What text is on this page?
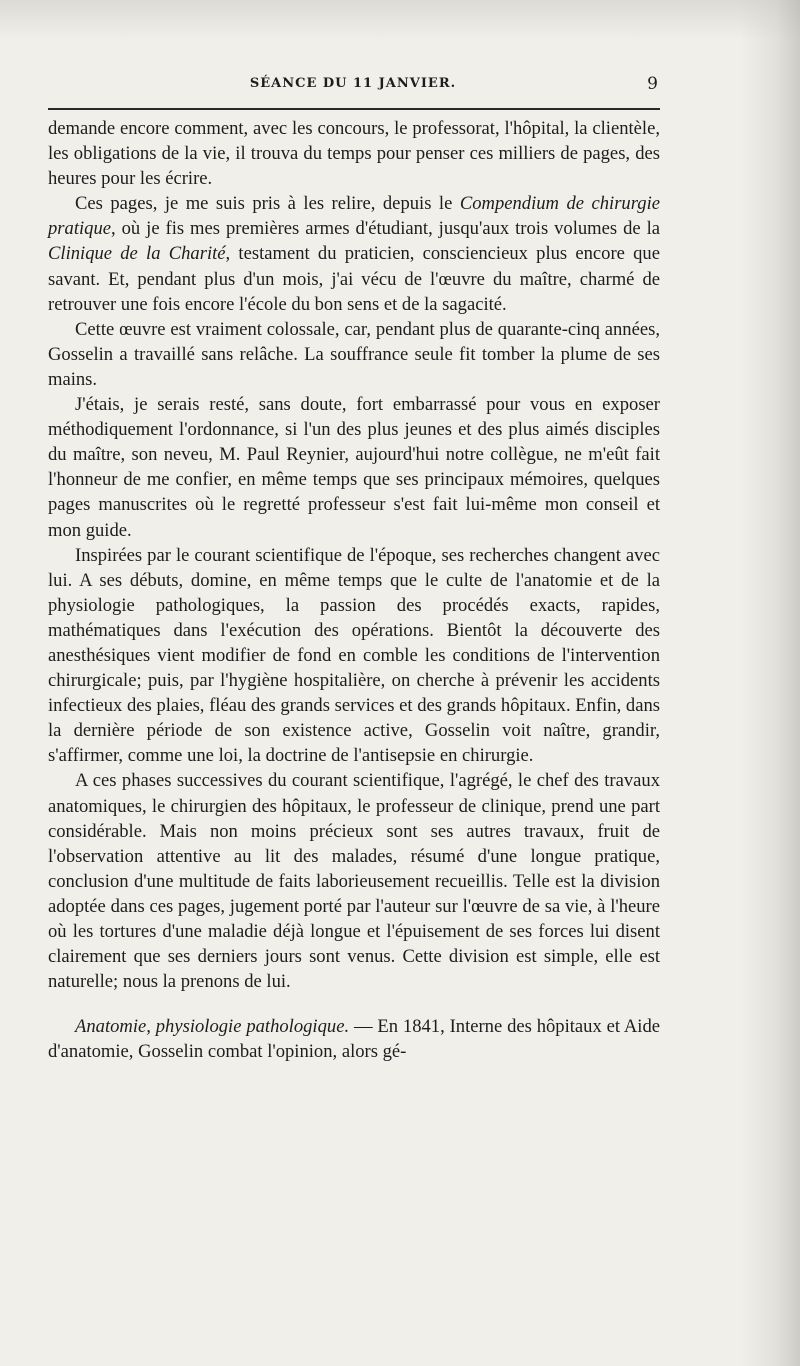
SÉANCE DU 11 JANVIER.	9

demande encore comment, avec les concours, le professorat, l'hôpital, la clientèle, les obligations de la vie, il trouva du temps pour penser ces milliers de pages, des heures pour les écrire.

Ces pages, je me suis pris à les relire, depuis le Compendium de chirurgie pratique, où je fis mes premières armes d'étudiant, jusqu'aux trois volumes de la Clinique de la Charité, testament du praticien, consciencieux plus encore que savant. Et, pendant plus d'un mois, j'ai vécu de l'œuvre du maître, charmé de retrouver une fois encore l'école du bon sens et de la sagacité.

Cette œuvre est vraiment colossale, car, pendant plus de quarante-cinq années, Gosselin a travaillé sans relâche. La souffrance seule fit tomber la plume de ses mains.

J'étais, je serais resté, sans doute, fort embarrassé pour vous en exposer méthodiquement l'ordonnance, si l'un des plus jeunes et des plus aimés disciples du maître, son neveu, M. Paul Reynier, aujourd'hui notre collègue, ne m'eût fait l'honneur de me confier, en même temps que ses principaux mémoires, quelques pages manuscrites où le regretté professeur s'est fait lui-même mon conseil et mon guide.

Inspirées par le courant scientifique de l'époque, ses recherches changent avec lui. A ses débuts, domine, en même temps que le culte de l'anatomie et de la physiologie pathologiques, la passion des procédés exacts, rapides, mathématiques dans l'exécution des opérations. Bientôt la découverte des anesthésiques vient modifier de fond en comble les conditions de l'intervention chirurgicale; puis, par l'hygiène hospitalière, on cherche à prévenir les accidents infectieux des plaies, fléau des grands services et des grands hôpitaux. Enfin, dans la dernière période de son existence active, Gosselin voit naître, grandir, s'affirmer, comme une loi, la doctrine de l'antisepsie en chirurgie.

A ces phases successives du courant scientifique, l'agrégé, le chef des travaux anatomiques, le chirurgien des hôpitaux, le professeur de clinique, prend une part considérable. Mais non moins précieux sont ses autres travaux, fruit de l'observation attentive au lit des malades, résumé d'une longue pratique, conclusion d'une multitude de faits laborieusement recueillis. Telle est la division adoptée dans ces pages, jugement porté par l'auteur sur l'œuvre de sa vie, à l'heure où les tortures d'une maladie déjà longue et l'épuisement de ses forces lui disent clairement que ses derniers jours sont venus. Cette division est simple, elle est naturelle; nous la prenons de lui.

Anatomie, physiologie pathologique. — En 1841, Interne des hôpitaux et Aide d'anatomie, Gosselin combat l'opinion, alors gé-
